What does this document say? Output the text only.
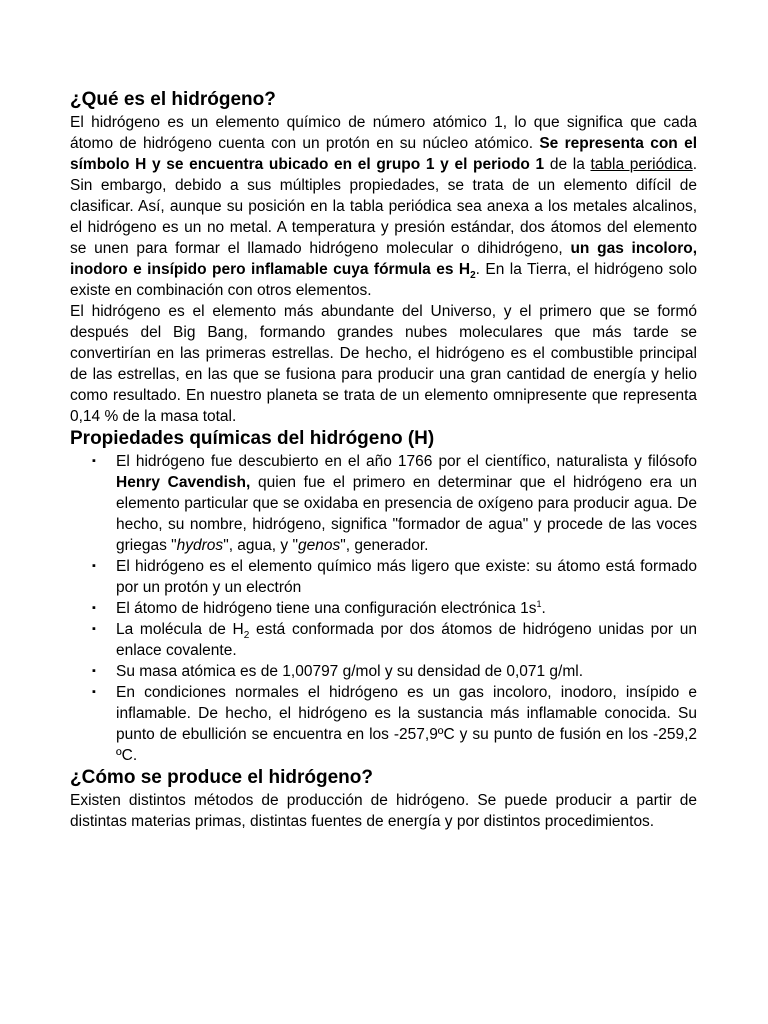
¿Qué es el hidrógeno?

El hidrógeno es un elemento químico de número atómico 1, lo que significa que cada átomo de hidrógeno cuenta con un protón en su núcleo atómico. Se representa con el símbolo H y se encuentra ubicado en el grupo 1 y el periodo 1 de la tabla periódica. Sin embargo, debido a sus múltiples propiedades, se trata de un elemento difícil de clasificar. Así, aunque su posición en la tabla periódica sea anexa a los metales alcalinos, el hidrógeno es un no metal. A temperatura y presión estándar, dos átomos del elemento se unen para formar el llamado hidrógeno molecular o dihidrógeno, un gas incoloro, inodoro e insípido pero inflamable cuya fórmula es $H_2$. En la Tierra, el hidrógeno solo existe en combinación con otros elementos.

El hidrógeno es el elemento más abundante del Universo, y el primero que se formó después del Big Bang, formando grandes nubes moleculares que más tarde se convertirían en las primeras estrellas. De hecho, el hidrógeno es el combustible principal de las estrellas, en las que se fusiona para producir una gran cantidad de energía y helio como resultado. En nuestro planeta se trata de un elemento omnipresente que representa 0,14 % de la masa total.

Propiedades químicas del hidrógeno (H)
▪ El hidrógeno fue descubierto en el año 1766 por el científico, naturalista y filósofo Henry Cavendish, quien fue el primero en determinar que el hidrógeno era un elemento particular que se oxidaba en presencia de oxígeno para producir agua. De hecho, su nombre, hidrógeno, significa "formador de agua" y procede de las voces griegas "hydros", agua, y "genos", generador.
▪ El hidrógeno es el elemento químico más ligero que existe: su átomo está formado por un protón y un electrón
▪ El átomo de hidrógeno tiene una configuración electrónica $1s^1$.
▪ La molécula de $H_2$ está conformada por dos átomos de hidrógeno unidas por un enlace covalente.
▪ Su masa atómica es de 1,00797 g/mol y su densidad de 0,071 g/ml.
▪ En condiciones normales el hidrógeno es un gas incoloro, inodoro, insípido e inflamable. De hecho, el hidrógeno es la sustancia más inflamable conocida. Su punto de ebullición se encuentra en los -257,9ºC y su punto de fusión en los -259,2 ºC.
¿Cómo se produce el hidrógeno?

Existen distintos métodos de producción de hidrógeno. Se puede producir a partir de distintas materias primas, distintas fuentes de energía y por distintos procedimientos.
